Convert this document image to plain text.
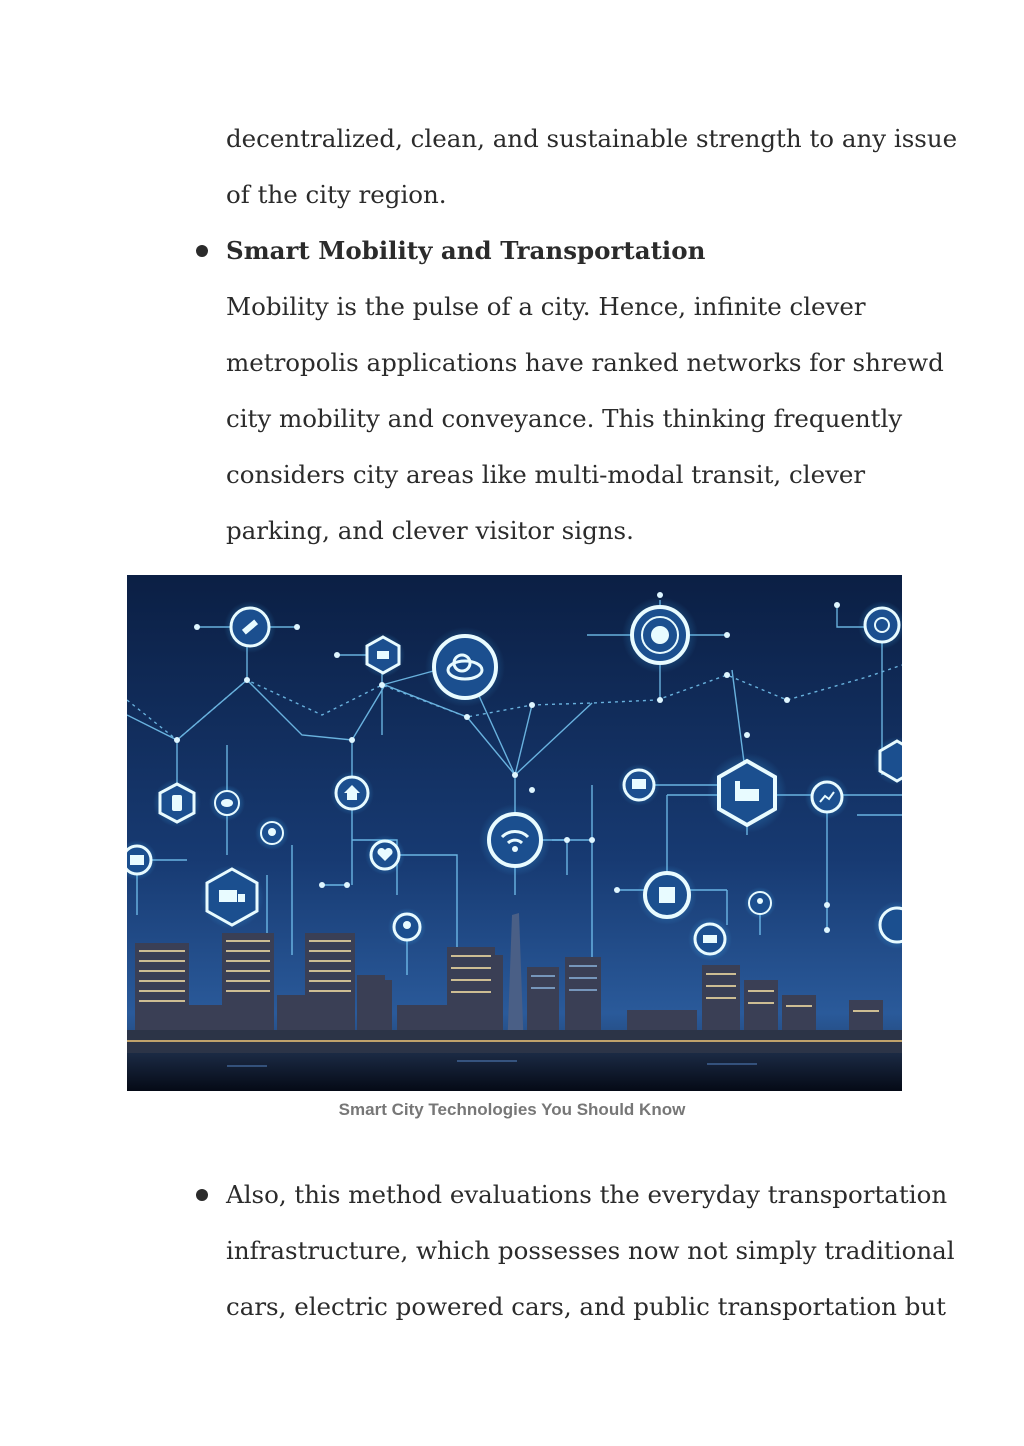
decentralized, clean, and sustainable strength to any issue
of the city region.
Smart Mobility and Transportation
Mobility is the pulse of a city. Hence, infinite clever
metropolis applications have ranked networks for shrewd
city mobility and conveyance. This thinking frequently
considers city areas like multi-modal transit, clever
parking, and clever visitor signs.
Smart City Technologies You Should Know
Also, this method evaluations the everyday transportation
infrastructure, which possesses now not simply traditional
cars, electric powered cars, and public transportation but
